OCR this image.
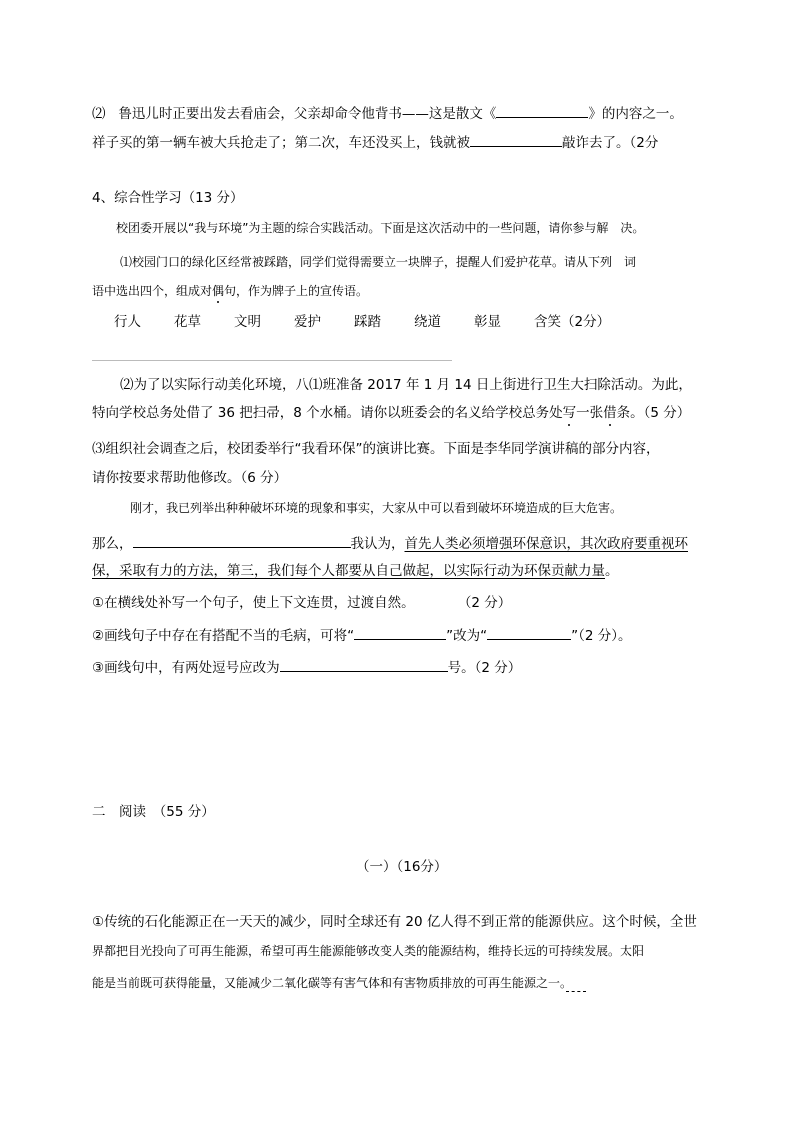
⑵ 鲁迅儿时正要出发去看庙会，父亲却命令他背书——这是散文《	》的内容之一。
祥子买的第一辆车被大兵抢走了；第二次，车还没买上，钱就被	敲诈去了。（2分
4、综合性学习（13 分）
校团委开展以“我与环境”为主题的综合实践活动。下面是这次活动中的一些问题，请你参与解　决。
⑴校园门口的绿化区经常被踩踏，同学们觉得需要立一块牌子，提醒人们爱护花草。请从下列　词
语中选出四个，组成对偶句，作为牌子上的宣传语。
行人 花草 文明 爱护 踩踏 绕道 彰显 含笑（2分）
⑵为了以实际行动美化环境，八⑴班准备 2017 年 1 月 14 日上街进行卫生大扫除活动。为此，
特向学校总务处借了 36 把扫帚，8 个水桶。请你以班委会的名义给学校总务处写一张借条。（5 分）
⑶组织社会调查之后，校团委举行“我看环保”的演讲比赛。下面是李华同学演讲稿的部分内容，
请你按要求帮助他修改。（6 分）
刚才，我已列举出种种破坏环境的现象和事实，大家从中可以看到破坏环境造成的巨大危害。
那么，	我认为，首先人类必须增强环保意识，其次政府要重视环
保，采取有力的方法，第三，我们每个人都要从自己做起，以实际行动为环保贡献力量。
①在横线处补写一个句子，使上下文连贯，过渡自然。	（2 分）
②画线句子中存在有搭配不当的毛病，可将“	”改为“	”（2 分）。
③画线句中，有两处逗号应改为	号。（2 分）
二　阅读　（55 分）
（一）（16分）
①传统的石化能源正在一天天的减少，同时全球还有 20 亿人得不到正常的能源供应。这个时候，全世
界都把目光投向了可再生能源，希望可再生能源能够改变人类的能源结构，维持长远的可持续发展。太阳
能是当前既可获得能量，又能减少二氧化碳等有害气体和有害物质排放的可再生能源之一。
